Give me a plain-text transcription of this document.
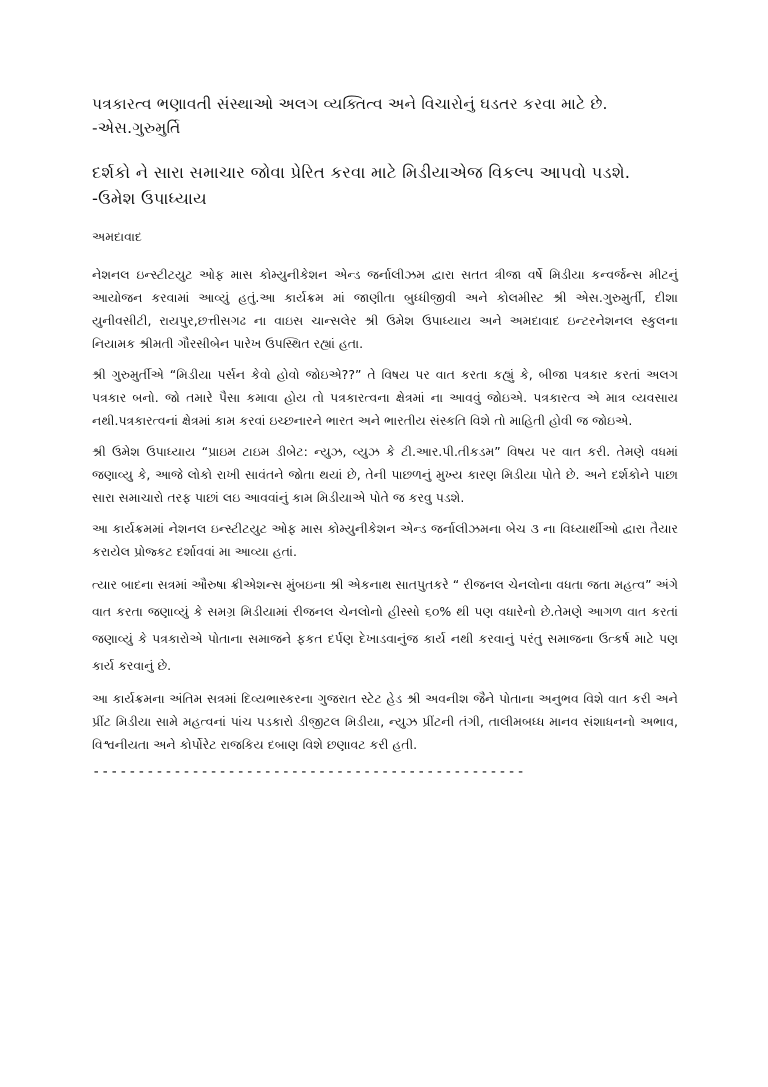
પત્રકારત્વ ભણાવતી સંસ્થાઓ અલગ વ્યક્તિત્વ અને વિચારોનું ઘડતર કરવા માટે છે. -એસ.ગુરુમુર્તિ

દર્શકો ને સારા સમાચાર જોવા પ્રેરિત કરવા માટે મિડીયાએજ વિકલ્પ આપવો પડશે. -ઉમેશ ઉપાધ્યાય

અમદાવાદ

નેશનલ ઇન્સ્ટીટયુટ ઓફ માસ કોમ્યુનીકેશન એન્ડ જર્નાલીઝમ દ્વારા સતત ત્રીજા વર્ષે મિડીયા કન્વર્જન્સ મીટનું આયોજન કરવામાં આવ્યું હતું.આ કાર્યક્રમ માં જાણીતા બુધ્ધીજીવી અને કોલમીસ્ટ શ્રી એસ.ગુરુમુર્તી, દીશા યુનીવસીટી, રાયપુર,છત્તીસગઢ ના વાઇસ ચાન્સલેર શ્રી ઉમેશ ઉપાધ્યાય અને અમદાવાદ ઇન્ટરનેશનલ સ્કુલના નિયામક શ્રીમતી ગૌરસીબેન પારેખ ઉપસ્થિત રહ્યાં હતા.

શ્રી ગુરુમુર્તીએ “મિડીયા પર્સન કેવો હોવો જોઇએ??” તે વિષય પર વાત કરતા કહ્યું કે, બીજા પત્રકાર કરતાં અલગ પત્રકાર બનો. જો તમારે પૈસા કમાવા હોય તો પત્રકારત્વના ક્ષેત્રમાં ના આવવું જોઇએ. પત્રકારત્વ એ માત્ર વ્યવસાય નથી.પત્રકારત્વનાં ક્ષેત્રમાં કામ કરવાં ઇચ્છનારને ભારત અને ભારતીય સંસ્કતિ વિશે તો માહિતી હોવી જ જોઇએ.

શ્રી ઉમેશ ઉપાધ્યાય “પ્રાઇમ ટાઇમ ડીબેટ: ન્યુઝ, વ્યુઝ કે ટી.આર.પી.તીકડમ” વિષય પર વાત કરી. તેમણે વધમાં જણાવ્યુ કે, આજે લોકો રાખી સાવંતને જોતા થયાં છે, તેની પાછળનું મુખ્ય કારણ મિડીયા પોતે છે. અને દર્શકોને પાછા સારા સમાચારો તરફ પાછાં લઇ આવવાંનું કામ મિડીયાએ પોતે જ કરવુ પડશે.

આ કાર્યક્રમમાં નેશનલ ઇન્સ્ટીટયુટ ઓફ માસ કોમ્યુનીકેશન એન્ડ જર્નાલીઝમના બેચ ૩ ના વિધ્યાર્થીઓ દ્વારા તૈયાર કરાયેલ પ્રોજ્કટ દર્શાવવાં મા આવ્યા હતાં.

ત્યાર બાદના સત્રમાં ઔરુષા ક્રીએશન્સ મુંબઇના શ્રી એકનાથ સાતપુતકરે “ રીજનલ ચેનલોના વધતા જતા મહત્વ” અંગે વાત કરતા જણાવ્યું કે સમગ્ર મિડીયામાં રીજનલ ચેનલોનો હીસ્સો ૬૦% થી પણ વધારેનો છે.તેમણે આગળ વાત કરતાં જણાવ્યું કે પત્રકારોએ પોતાના સમાજને ફકત દર્પણ દેખાડવાનુંજ કાર્ય નથી કરવાનું પરંતુ સમાજના ઉત્કર્ષ માટે પણ કાર્ય કરવાનું છે.

આ કાર્યક્રમના અંતિમ સત્રમાં દિવ્યભાસ્કરના ગુજરાત સ્ટેટ હેડ શ્રી અવનીશ જૈને પોતાના અનુભવ વિશે વાત કરી અને પ્રીંટ મિડીયા સામે મહત્વનાં પાંચ પડકારો ડીજીટલ મિડીયા, ન્યુઝ પ્રીંટની તંગી, તાલીમબધ્ધ માનવ સંશાધનનો અભાવ, વિશ્વનીયતા અને કોર્પોરેટ રાજકિય દબાણ વિશે છણાવટ કરી હતી.

------------------------------------------------
